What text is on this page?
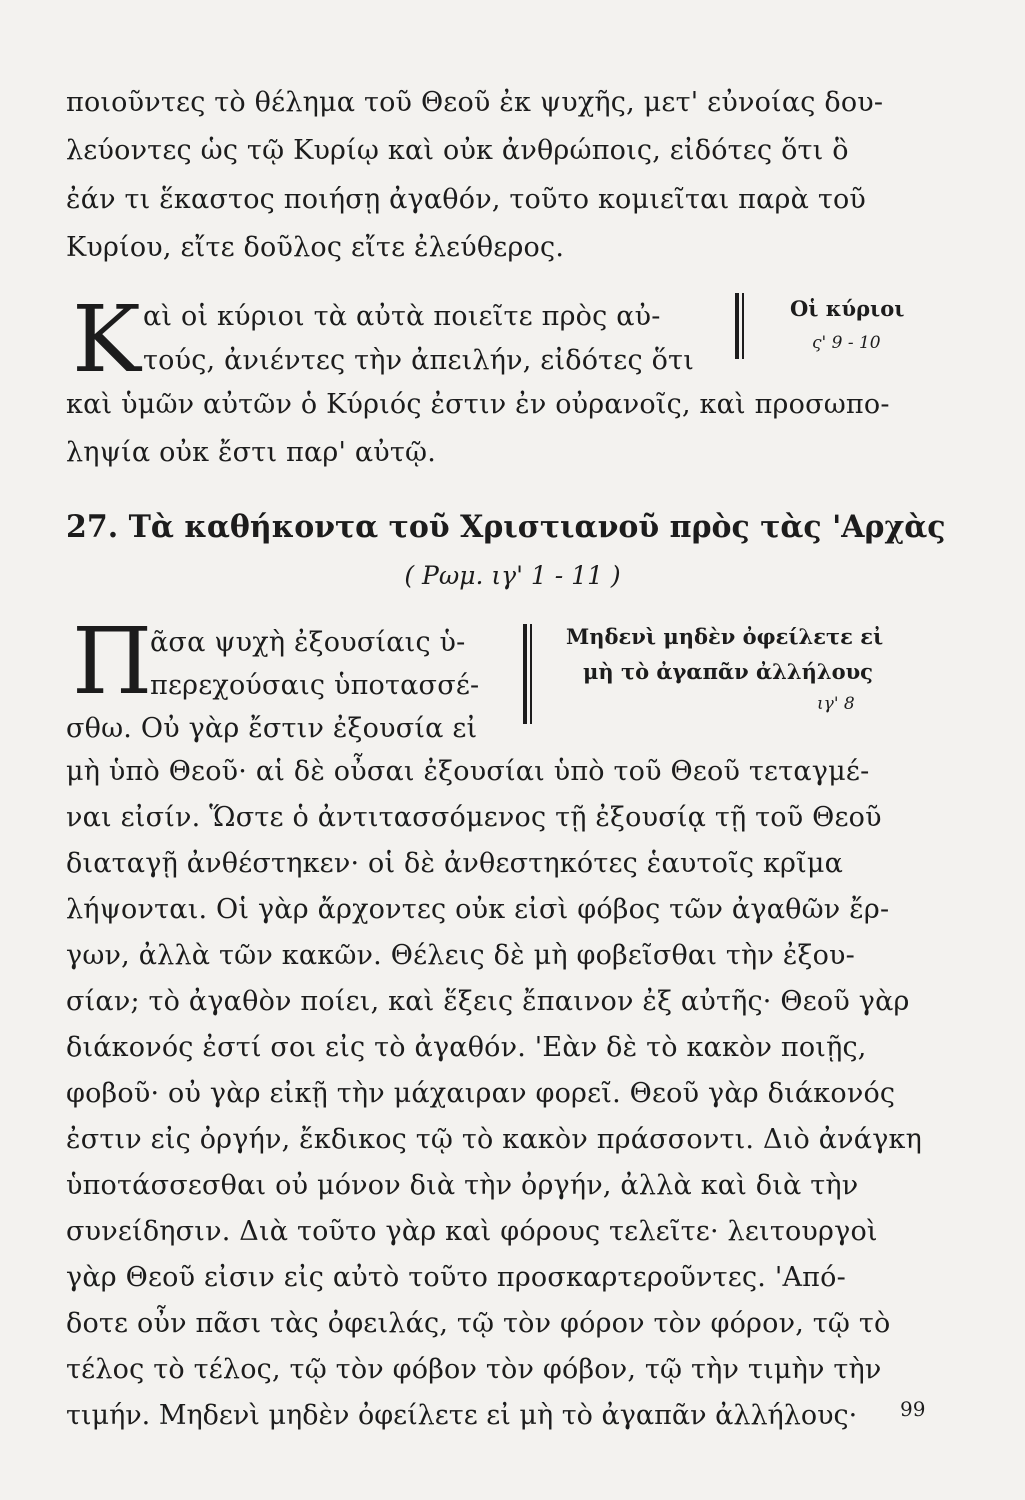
ποιοῦντες τὸ θέλημα τοῦ Θεοῦ ἐκ ψυχῆς, μετ' εὐνοίας δου-
λεύοντες ὡς τῷ Κυρίῳ καὶ οὐκ ἀνθρώποις, εἰδότες ὅτι ὃ
ἐάν τι ἕκαστος ποιήσῃ ἀγαθόν, τοῦτο κομιεῖται παρὰ τοῦ
Κυρίου, εἴτε δοῦλος εἴτε ἐλεύθερος.
Κ αὶ οἱ κύριοι τὰ αὐτὰ ποιεῖτε πρὸς αὐ-
τούς, ἀνιέντες τὴν ἀπειλήν, εἰδότες ὅτι
καὶ ὑμῶν αὐτῶν ὁ Κύριός ἐστιν ἐν οὐρανοῖς, καὶ προσωπο-
ληψία οὐκ ἔστι παρ' αὐτῷ.
Οἱ κύριοι
ς' 9 - 10
27. Τὰ καθήκοντα τοῦ Χριστιανοῦ πρὸς τὰς 'Αρχὰς
( Ρωμ. ιγ' 1 - 11 )
Π
ᾶσα ψυχὴ ἐξουσίαις ὑ-
περεχούσαις ὑποτασσέ-
σθω. Οὐ γὰρ ἔστιν ἐξουσία εἰ
Μηδενὶ μηδὲν ὀφείλετε εἰ
μὴ τὸ ἀγαπᾶν ἀλλήλους
ιγ' 8
μὴ ὑπὸ Θεοῦ· αἱ δὲ οὖσαι ἐξουσίαι ὑπὸ τοῦ Θεοῦ τεταγμέ-
ναι εἰσίν. Ὥστε ὁ ἀντιτασσόμενος τῇ ἐξουσίᾳ τῇ τοῦ Θεοῦ
διαταγῇ ἀνθέστηκεν· οἱ δὲ ἀνθεστηκότες ἑαυτοῖς κρῖμα
λήψονται. Οἱ γὰρ ἄρχοντες οὐκ εἰσὶ φόβος τῶν ἀγαθῶν ἔρ-
γων, ἀλλὰ τῶν κακῶν. Θέλεις δὲ μὴ φοβεῖσθαι τὴν ἐξου-
σίαν; τὸ ἀγαθὸν ποίει, καὶ ἕξεις ἔπαινον ἐξ αὐτῆς· Θεοῦ γὰρ
διάκονός ἐστί σοι εἰς τὸ ἀγαθόν. 'Εὰν δὲ τὸ κακὸν ποιῇς,
φοβοῦ· οὐ γὰρ εἰκῇ τὴν μάχαιραν φορεῖ. Θεοῦ γὰρ διάκονός
ἐστιν εἰς ὀργήν, ἔκδικος τῷ τὸ κακὸν πράσσοντι. Διὸ ἀνάγκη
ὑποτάσσεσθαι οὐ μόνον διὰ τὴν ὀργήν, ἀλλὰ καὶ διὰ τὴν
συνείδησιν. Διὰ τοῦτο γὰρ καὶ φόρους τελεῖτε· λειτουργοὶ
γὰρ Θεοῦ εἰσιν εἰς αὐτὸ τοῦτο προσκαρτεροῦντες. 'Από-
δοτε οὖν πᾶσι τὰς ὀφειλάς, τῷ τὸν φόρον τὸν φόρον, τῷ τὸ
τέλος τὸ τέλος, τῷ τὸν φόβον τὸν φόβον, τῷ τὴν τιμὴν τὴν
τιμήν. Μηδενὶ μηδὲν ὀφείλετε εἰ μὴ τὸ ἀγαπᾶν ἀλλήλους·	99
